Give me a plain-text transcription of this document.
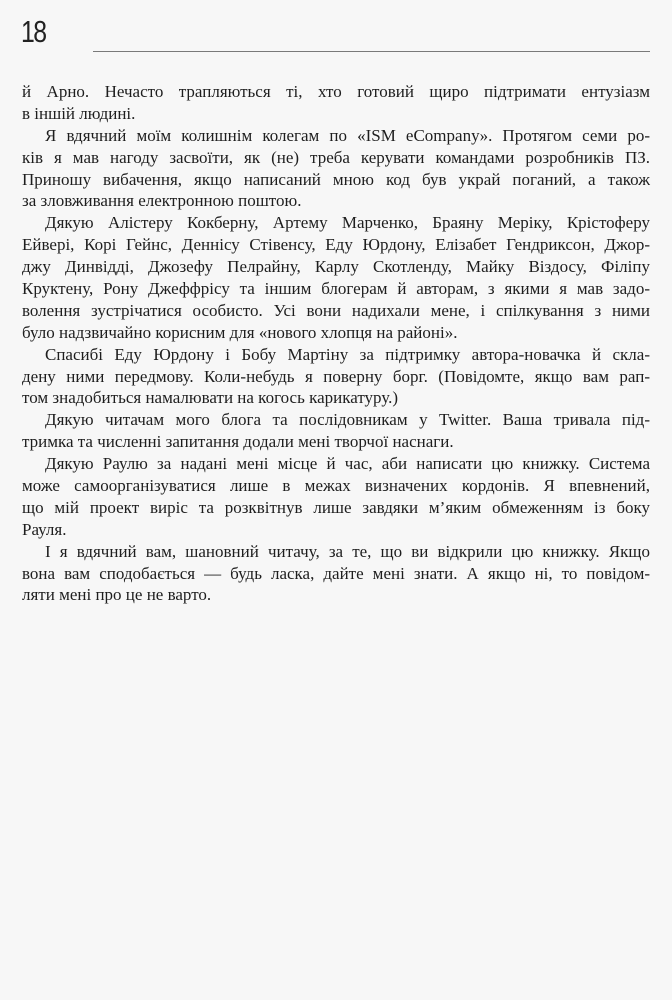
18
й Арно. Нечасто трапляються ті, хто готовий щиро підтримати ентузіазм
в іншій людині.
Я вдячний моїм колишнім колегам по «ISM eCompany». Протягом семи ро-
ків я мав нагоду засвоїти, як (не) треба керувати командами розробників ПЗ.
Приношу вибачення, якщо написаний мною код був украй поганий, а також
за зловживання електронною поштою.
Дякую Алістеру Кокберну, Артему Марченко, Браяну Меріку, Крістоферу
Ейвері, Корі Гейнс, Деннісу Стівенсу, Еду Юрдону, Елізабет Гендриксон, Джор-
джу Динвідді, Джозефу Пелрайну, Карлу Скотленду, Майку Віздосу, Філіпу
Круктену, Рону Джеффрісу та іншим блогерам й авторам, з якими я мав задо-
волення зустрічатися особисто. Усі вони надихали мене, і спілкування з ними
було надзвичайно корисним для «нового хлопця на районі».
Спасибі Еду Юрдону і Бобу Мартіну за підтримку автора-новачка й скла-
дену ними передмову. Коли-небудь я поверну борг. (Повідомте, якщо вам рап-
том знадобиться намалювати на когось карикатуру.)
Дякую читачам мого блога та послідовникам у Twitter. Ваша тривала під-
тримка та численні запитання додали мені творчої наснаги.
Дякую Раулю за надані мені місце й час, аби написати цю книжку. Система
може самоорганізуватися лише в межах визначених кордонів. Я впевнений,
що мій проект виріс та розквітнув лише завдяки м’яким обмеженням із боку
Рауля.
І я вдячний вам, шановний читачу, за те, що ви відкрили цю книжку. Якщо
вона вам сподобається — будь ласка, дайте мені знати. А якщо ні, то повідом-
ляти мені про це не варто.
